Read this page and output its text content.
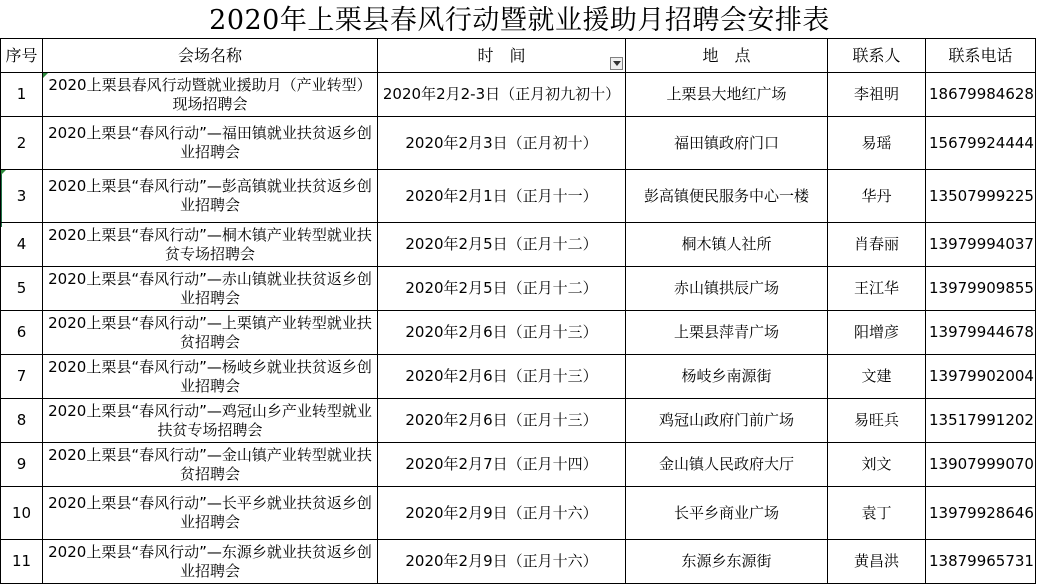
2020年上栗县春风行动暨就业援助月招聘会安排表
序号	会场名称	时　间	地　点	联系人	联系电话
1	2020上栗县春风行动暨就业援助月（产业转型）现场招聘会	2020年2月2-3日（正月初九初十）	上栗县大地红广场	李祖明	18679984628
2	2020上栗县“春风行动”—福田镇就业扶贫返乡创业招聘会	2020年2月3日（正月初十）	福田镇政府门口	易瑶	15679924444
3	2020上栗县“春风行动”—彭高镇就业扶贫返乡创业招聘会	2020年2月1日（正月十一）	彭高镇便民服务中心一楼	华丹	13507999225
4	2020上栗县“春风行动”—桐木镇产业转型就业扶贫专场招聘会	2020年2月5日（正月十二）	桐木镇人社所	肖春丽	13979994037
5	2020上栗县“春风行动”—赤山镇就业扶贫返乡创业招聘会	2020年2月5日（正月十二）	赤山镇拱辰广场	王江华	13979909855
6	2020上栗县“春风行动”—上栗镇产业转型就业扶贫招聘会	2020年2月6日（正月十三）	上栗县萍青广场	阳增彦	13979944678
7	2020上栗县“春风行动”—杨岐乡就业扶贫返乡创业招聘会	2020年2月6日（正月十三）	杨岐乡南源街	文建	13979902004
8	2020上栗县“春风行动”—鸡冠山乡产业转型就业扶贫专场招聘会	2020年2月6日（正月十三）	鸡冠山政府门前广场	易旺兵	13517991202
9	2020上栗县“春风行动”—金山镇产业转型就业扶贫招聘会	2020年2月7日（正月十四）	金山镇人民政府大厅	刘文	13907999070
10	2020上栗县“春风行动”—长平乡就业扶贫返乡创业招聘会	2020年2月9日（正月十六）	长平乡商业广场	袁丁	13979928646
11	2020上栗县“春风行动”—东源乡就业扶贫返乡创业招聘会	2020年2月9日（正月十六）	东源乡东源街	黄昌洪	13879965731
